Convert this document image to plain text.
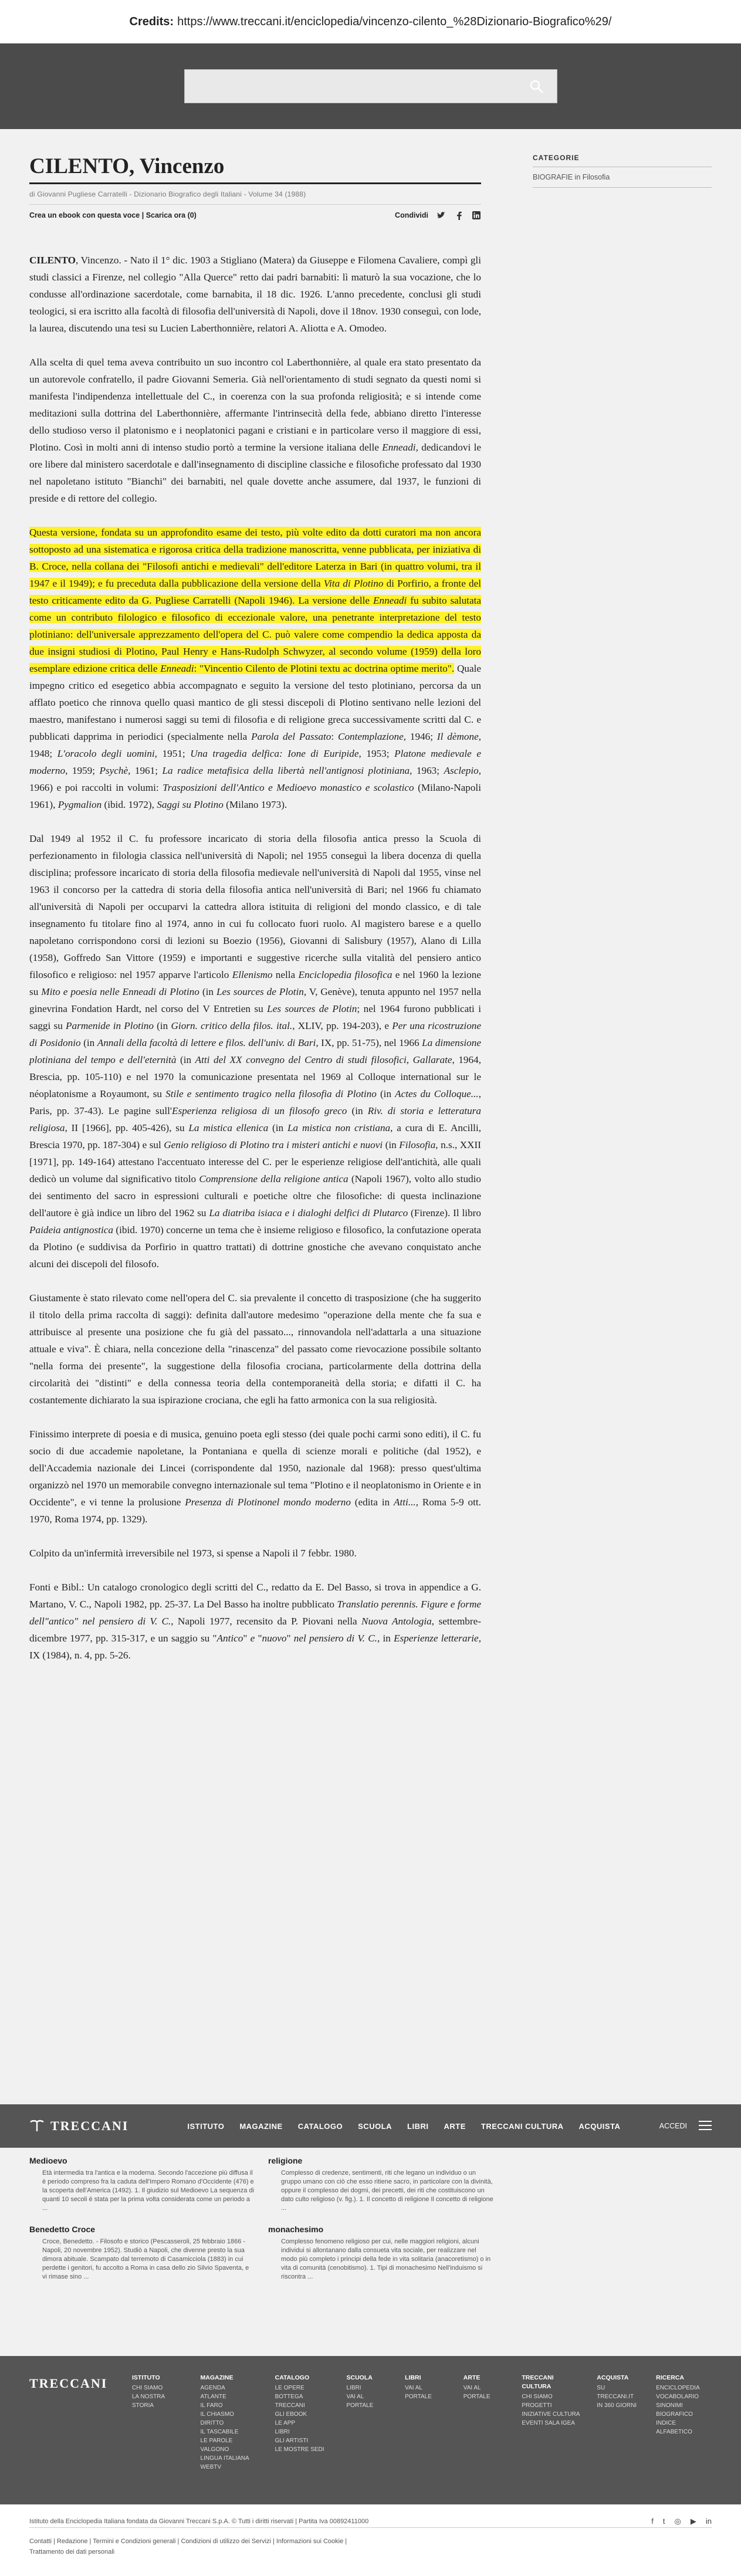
Credits: https://www.treccani.it/enciclopedia/vincenzo-cilento_%28Dizionario-Biografico%29/
CILENTO, Vincenzo
di Giovanni Pugliese Carratelli - Dizionario Biografico degli Italiani - Volume 34 (1988)
Crea un ebook con questa voce | Scarica ora (0)	Condividi

CILENTO, Vincenzo. - Nato il 1° dic. 1903 a Stigliano (Matera) da Giuseppe e Filomena Cavaliere, compì gli studi classici a Firenze, nel collegio "Alla Querce" retto dai padri barnabiti: lì maturò la sua vocazione, che lo condusse all'ordinazione sacerdotale, come barnabita, il 18 dic. 1926. L'anno precedente, conclusi gli studi teologici, si era iscritto alla facoltà di filosofia dell'università di Napoli, dove il 18nov. 1930 conseguì, con lode, la laurea, discutendo una tesi su Lucien Laberthonnière, relatori A. Aliotta e A. Omodeo.

Alla scelta di quel tema aveva contribuito un suo incontro col Laberthonnière, al quale era stato presentato da un autorevole confratello, il padre Giovanni Semeria. Già nell'orientamento di studi segnato da questi nomi si manifesta l'indipendenza intellettuale del C., in coerenza con la sua profonda religiosità; e si intende come meditazioni sulla dottrina del Laberthonnière, affermante l'intrinsecità della fede, abbiano diretto l'interesse dello studioso verso il platonismo e i neoplatonici pagani e cristiani e in particolare verso il maggiore di essi, Plotino. Così in molti anni di intenso studio portò a termine la versione italiana delle Enneadi, dedicandovi le ore libere dal ministero sacerdotale e dall'insegnamento di discipline classiche e filosofiche professato dal 1930 nel napoletano istituto "Bianchi" dei barnabiti, nel quale dovette anche assumere, dal 1937, le funzioni di preside e di rettore del collegio.

Questa versione, fondata su un approfondito esame dei testo, più volte edito da dotti curatori ma non ancora sottoposto ad una sistematica e rigorosa critica della tradizione manoscritta, venne pubblicata, per iniziativa di B. Croce, nella collana dei "Filosofi antichi e medievali" dell'editore Laterza in Bari (in quattro volumi, tra il 1947 e il 1949); e fu preceduta dalla pubblicazione della versione della Vita di Plotino di Porfirio, a fronte del testo criticamente edito da G. Pugliese Carratelli (Napoli 1946). La versione delle Enneadi fu subito salutata come un contributo filologico e filosofico di eccezionale valore, una penetrante interpretazione del testo plotiniano: dell'universale apprezzamento dell'opera del C. può valere come compendio la dedica apposta da due insigni studiosi di Plotino, Paul Henry e Hans-Rudolph Schwyzer, al secondo volume (1959) della loro esemplare edizione critica delle Enneadi: "Vincentio Cilento de Plotini textu ac doctrina optime merito". Quale impegno critico ed esegetico abbia accompagnato e seguito la versione del testo plotiniano, percorsa da un afflato poetico che rinnova quello quasi mantico de gli stessi discepoli di Plotino sentivano nelle lezioni del maestro, manifestano i numerosi saggi su temi di filosofia e di religione greca successivamente scritti dal C. e pubblicati dapprima in periodici (specialmente nella Parola del Passato: Contemplazione, 1946; Il dèmone, 1948; L'oracolo degli uomini, 1951; Una tragedia delfica: Ione di Euripide, 1953; Platone medievale e moderno, 1959; Psychè, 1961; La radice metafisica della libertà nell'antignosi plotiniana, 1963; Asclepio, 1966) e poi raccolti in volumi: Trasposizioni dell'Antico e Medioevo monastico e scolastico (Milano-Napoli 1961), Pygmalion (ibid. 1972), Saggi su Plotino (Milano 1973).

Dal 1949 al 1952 il C. fu professore incaricato di storia della filosofia antica presso la Scuola di perfezionamento in filologia classica nell'università di Napoli; nel 1955 conseguì la libera docenza di quella disciplina; professore incaricato di storia della filosofia medievale nell'università di Napoli dal 1955, vinse nel 1963 il concorso per la cattedra di storia della filosofia antica nell'università di Bari; nel 1966 fu chiamato all'università di Napoli per occuparvi la cattedra allora istituita di religioni del mondo classico, e di tale insegnamento fu titolare fino al 1974, anno in cui fu collocato fuori ruolo. Al magistero barese e a quello napoletano corrispondono corsi di lezioni su Boezio (1956), Giovanni di Salisbury (1957), Alano di Lilla (1958), Goffredo San Vittore (1959) e importanti e suggestive ricerche sulla vitalità del pensiero antico filosofico e religioso: nel 1957 apparve l'articolo Ellenismo nella Enciclopedia filosofica e nel 1960 la lezione su Mito e poesia nelle Enneadi di Plotino (in Les sources de Plotin, V, Genève), tenuta appunto nel 1957 nella ginevrina Fondation Hardt, nel corso del V Entretien su Les sources de Plotin; nel 1964 furono pubblicati i saggi su Parmenide in Plotino (in Giorn. critico della filos. ital., XLIV, pp. 194-203), e Per una ricostruzione di Posidonio (in Annali della facoltà di lettere e filos. dell'univ. di Bari, IX, pp. 51-75), nel 1966 La dimensione plotiniana del tempo e dell'eternità (in Atti del XX convegno del Centro di studi filosofici, Gallarate, 1964, Brescia, pp. 105-110) e nel 1970 la comunicazione presentata nel 1969 al Colloque international sur le néoplatonisme a Royaumont, su Stile e sentimento tragico nella filosofia di Plotino (in Actes du Colloque..., Paris, pp. 37-43). Le pagine sull'Esperienza religiosa di un filosofo greco (in Riv. di storia e letteratura religiosa, II [1966], pp. 405-426), su La mistica ellenica (in La mistica non cristiana, a cura di E. Ancilli, Brescia 1970, pp. 187-304) e sul Genio religioso di Plotino tra i misteri antichi e nuovi (in Filosofia, n.s., XXII [1971], pp. 149-164) attestano l'accentuato interesse del C. per le esperienze religiose dell'antichità, alle quali dedicò un volume dal significativo titolo Comprensione della religione antica (Napoli 1967), volto allo studio dei sentimento del sacro in espressioni culturali e poetiche oltre che filosofiche: di questa inclinazione dell'autore è già indice un libro del 1962 su La diatriba isiaca e i dialoghi delfici di Plutarco (Firenze). Il libro Paideia antignostica (ibid. 1970) concerne un tema che è insieme religioso e filosofico, la confutazione operata da Plotino (e suddivisa da Porfirio in quattro trattati) di dottrine gnostiche che avevano conquistato anche alcuni dei discepoli del filosofo.

Giustamente è stato rilevato come nell'opera del C. sia prevalente il concetto di trasposizione (che ha suggerito il titolo della prima raccolta di saggi): definita dall'autore medesimo "operazione della mente che fa sua e attribuisce al presente una posizione che fu già del passato..., rinnovandola nell'adattarla a una situazione attuale e viva". È chiara, nella concezione della "rinascenza" del passato come rievocazione possibile soltanto "nella forma dei presente", la suggestione della filosofia crociana, particolarmente della dottrina della circolarità dei "distinti" e della connessa teoria della contemporaneità della storia; e difatti il C. ha costantemente dichiarato la sua ispirazione crociana, che egli ha fatto armonica con la sua religiosità.

Finissimo interprete di poesia e di musica, genuino poeta egli stesso (dei quale pochi carmi sono editi), il C. fu socio di due accademie napoletane, la Pontaniana e quella di scienze morali e politiche (dal 1952), e dell'Accademia nazionale dei Lincei (corrispondente dal 1950, nazionale dal 1968): presso quest'ultima organizzò nel 1970 un memorabile convegno internazionale sul tema "Plotino e il neoplatonismo in Oriente e in Occidente", e vi tenne la prolusione Presenza di Plotinonel mondo moderno (edita in Atti..., Roma 5-9 ott. 1970, Roma 1974, pp. 1329).

Colpito da un'infermità irreversibile nel 1973, si spense a Napoli il 7 febbr. 1980.

Fonti e Bibl.: Un catalogo cronologico degli scritti del C., redatto da E. Del Basso, si trova in appendice a G. Martano, V. C., Napoli 1982, pp. 25-37. La Del Basso ha inoltre pubblicato Translatio perennis. Figure e forme dell"antico" nel pensiero di V. C., Napoli 1977, recensito da P. Piovani nella Nuova Antologia, settembre-dicembre 1977, pp. 315-317, e un saggio su "Antico" e "nuovo" nel pensiero di V. C., in Esperienze letterarie, IX (1984), n. 4, pp. 5-26.

CATEGORIE
BIOGRAFIE in Filosofia
TRECCANI	ISTITUTO MAGAZINE CATALOGO SCUOLA LIBRI ARTE TRECCANI CULTURA ACQUISTA	ACCEDI
Medioevo

Età intermedia tra l'antica e la moderna. Secondo l'accezione più diffusa il è periodo compreso fra la caduta dell'Impero Romano d'Occidente (476) e la scoperta dell'America (1492). 1. Il giudizio sul Medioevo La sequenza di quanti 10 secoli è stata per la prima volta considerata come un periodo a ...

religione

Complesso di credenze, sentimenti, riti che legano un individuo o un gruppo umano con ciò che esso ritiene sacro, in particolare con la divinità, oppure il complesso dei dogmi, dei precetti, dei riti che costituiscono un dato culto religioso (v. fig.). 1. Il concetto di religione Il concetto di religione ...

Benedetto Croce

Croce, Benedetto. - Filosofo e storico (Pescasseroli, 25 febbraio 1866 - Napoli, 20 novembre 1952). Studiò a Napoli, che divenne presto la sua dimora abituale. Scampato dal terremoto di Casamicciola (1883) in cui perdette i genitori, fu accolto a Roma in casa dello zio Silvio Spaventa, e vi rimase sino ...

monachesimo

Complesso fenomeno religioso per cui, nelle maggiori religioni, alcuni individui si allontanano dalla consueta vita sociale, per realizzare nel modo più completo i principi della fede in vita solitaria (anacoretismo) o in vita di comunità (cenobitismo). 1. Tipi di monachesimo Nell'induismo si riscontra ...

TRECCANI	ISTITUTO
CHI SIAMO
LA NOSTRA STORIA
MAGAZINE
AGENDA
ATLANTE
IL FARO
IL CHIASMO
DIRITTO
IL TASCABILE
LE PAROLE VALGONO
LINGUA ITALIANA
WEBTV
CATALOGO
LE OPERE
BOTTEGA TRECCANI
GLI EBOOK
LE APP
LIBRI
GLI ARTISTI
LE MOSTRE SEDI
SCUOLA
LIBRI
VAI AL PORTALE
LIBRI
VAI AL PORTALE
ARTE
VAI AL PORTALE
TRECCANI CULTURA
CHI SIAMO
PROGETTI
INIZIATIVE CULTURA
EVENTI SALA IGEA
ACQUISTA
SU TRECCANI.IT
IN 360 GIORNI
RICERCA
ENCICLOPEDIA
VOCABOLARIO
SINONIMI
BIOGRAFICO
INDICE ALFABETICO
Istituto della Enciclopedia Italiana fondata da Giovanni Treccani S.p.A. © Tutti i diritti riservati | Partita Iva 00892411000	f t ◎ ▶ in
Contatti | Redazione | Termini e Condizioni generali | Condizioni di utilizzo dei Servizi | Informazioni sui Cookie |
Trattamento dei dati personali
